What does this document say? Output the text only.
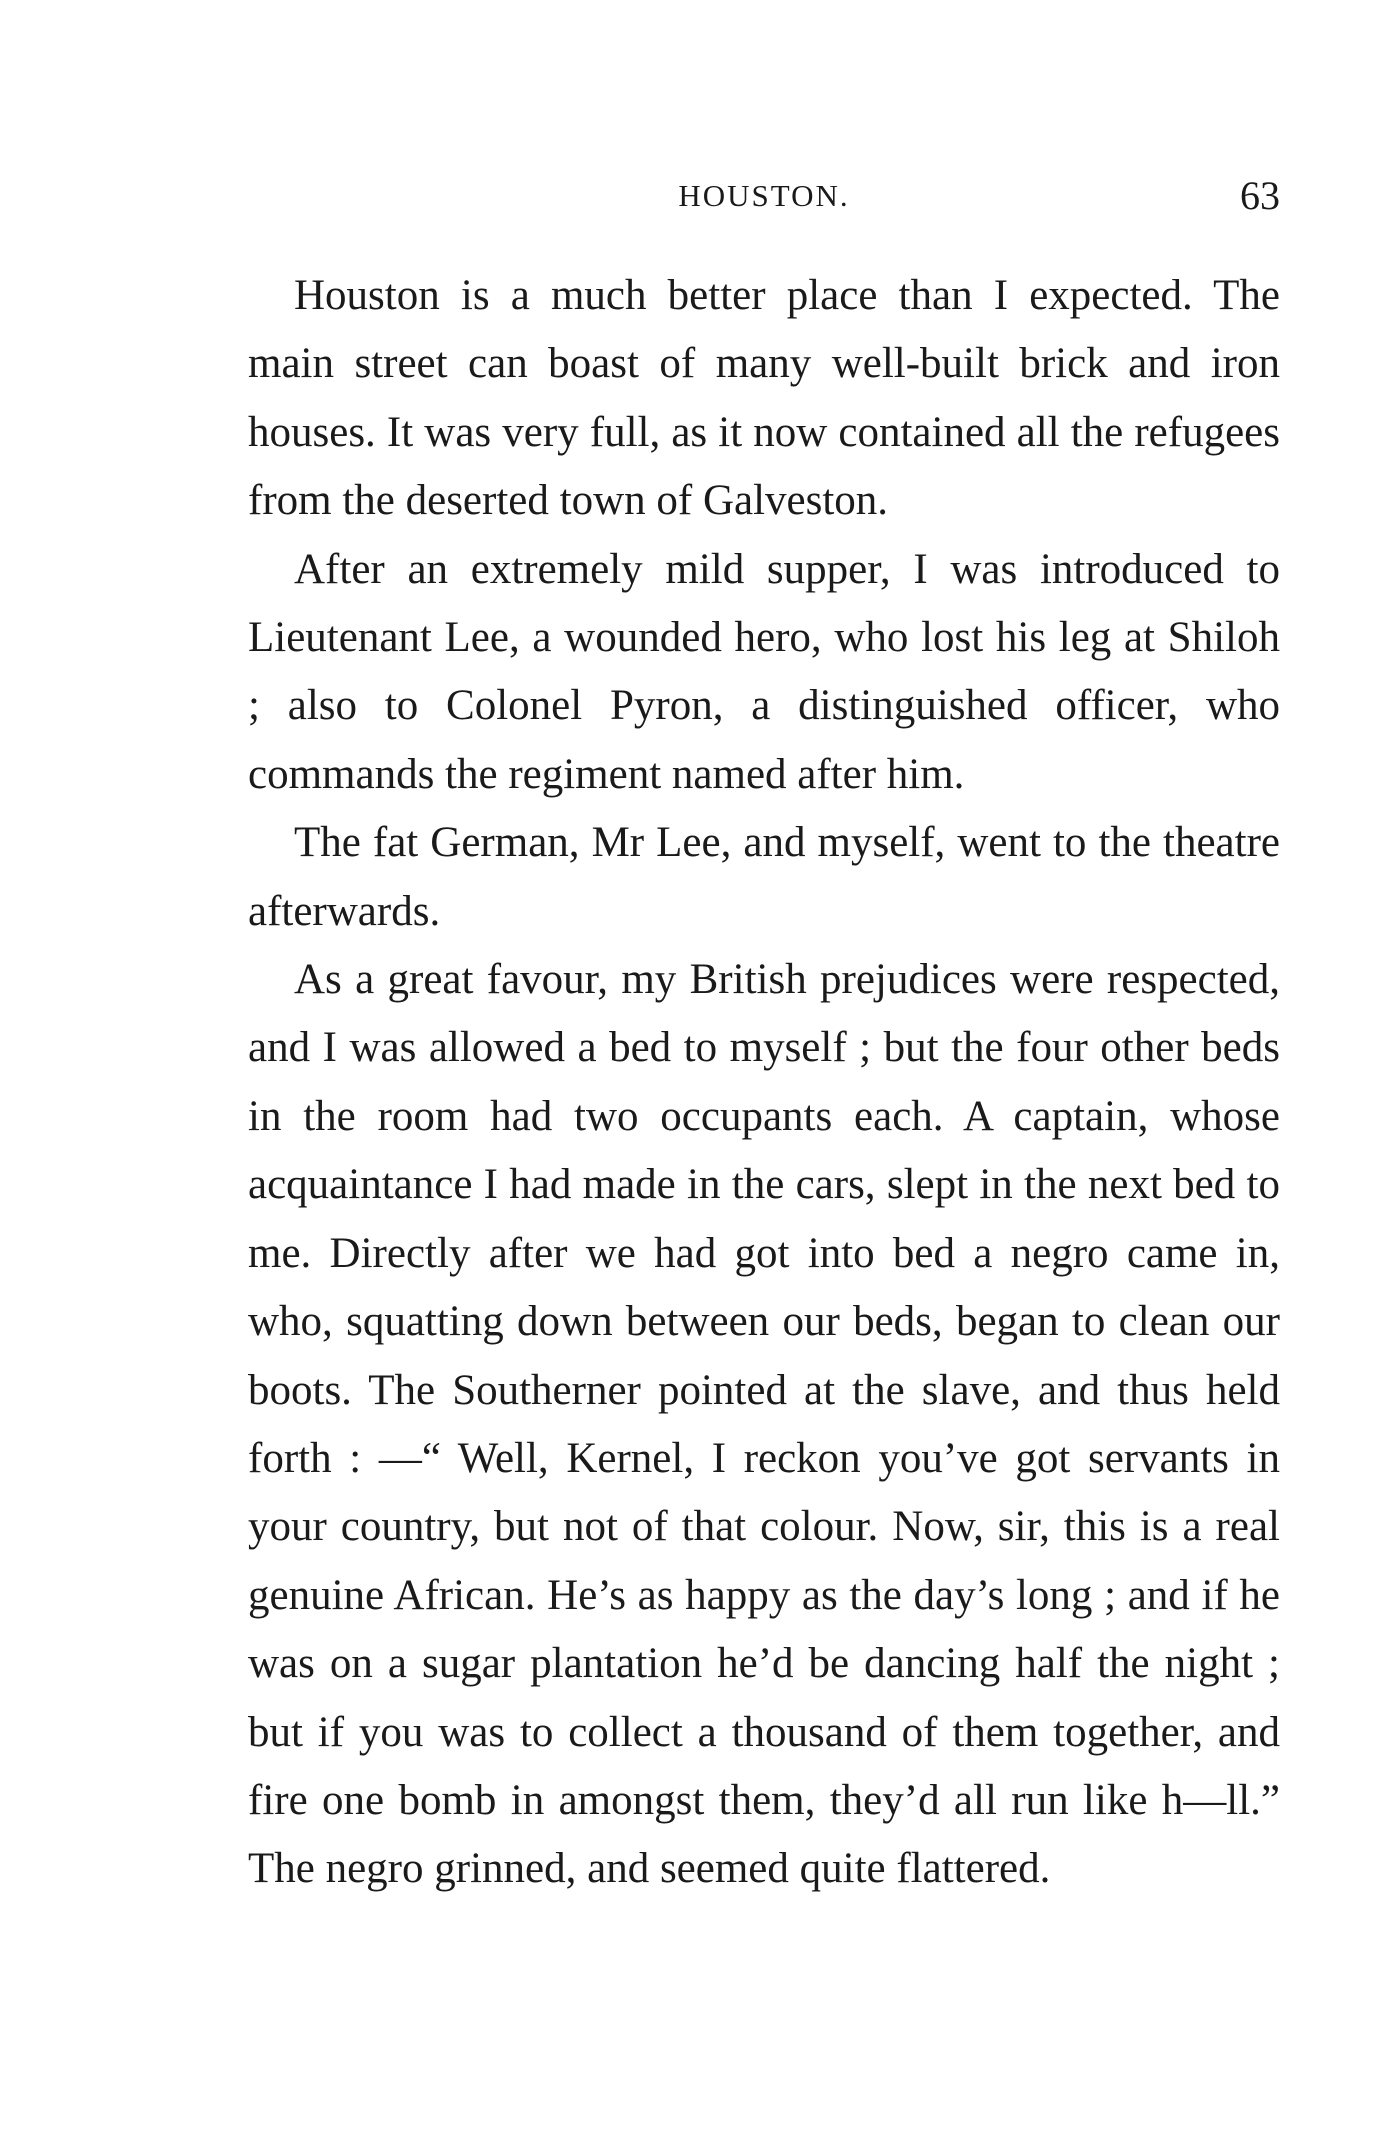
HOUSTON.	63

Houston is a much better place than I expected. The main street can boast of many well-built brick and iron houses. It was very full, as it now contained all the refugees from the deserted town of Galveston.

After an extremely mild supper, I was introduced to Lieutenant Lee, a wounded hero, who lost his leg at Shiloh ; also to Colonel Pyron, a distinguished officer, who commands the regiment named after him.

The fat German, Mr Lee, and myself, went to the theatre afterwards.

As a great favour, my British prejudices were respected, and I was allowed a bed to myself ; but the four other beds in the room had two occupants each. A captain, whose acquaintance I had made in the cars, slept in the next bed to me. Directly after we had got into bed a negro came in, who, squatting down between our beds, began to clean our boots. The Southerner pointed at the slave, and thus held forth : —“ Well, Kernel, I reckon you’ve got servants in your country, but not of that colour. Now, sir, this is a real genuine African. He’s as happy as the day’s long ; and if he was on a sugar plantation he’d be dancing half the night ; but if you was to collect a thousand of them together, and fire one bomb in amongst them, they’d all run like h—ll.” The negro grinned, and seemed quite flattered.
